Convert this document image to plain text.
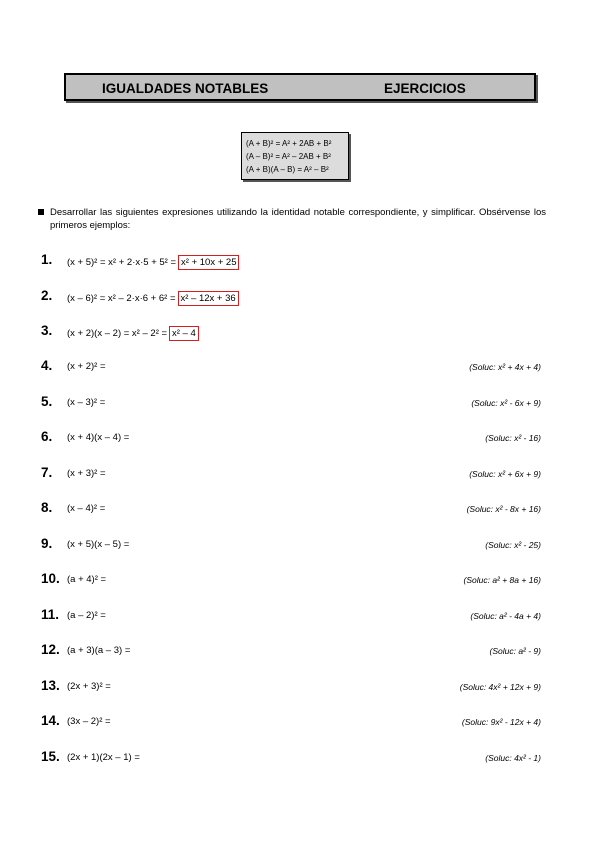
IGUALDADES NOTABLES	EJERCICIOS
(A + B)² = A² + 2AB + B²
(A – B)² = A² – 2AB + B²
(A + B)(A – B) = A² – B²
Desarrollar las siguientes expresiones utilizando la identidad notable correspondiente, y simplificar. Obsérvense los primeros ejemplos:
1. (x + 5)² = x² + 2·x·5 + 5² = x² + 10x + 25
2. (x – 6)² = x² – 2·x·6 + 6² = x² – 12x + 36
3. (x + 2)(x – 2) = x² – 2² = x² – 4
4. (x + 2)² =	(Soluc: x² + 4x + 4)
5. (x – 3)² =	(Soluc: x² - 6x + 9)
6. (x + 4)(x – 4) =	(Soluc: x² - 16)
7. (x + 3)² =	(Soluc: x² + 6x + 9)
8. (x – 4)² =	(Soluc: x² - 8x + 16)
9. (x + 5)(x – 5) =	(Soluc: x² - 25)
10. (a + 4)² =	(Soluc: a² + 8a + 16)
11. (a – 2)² =	(Soluc: a² - 4a + 4)
12. (a + 3)(a – 3) =	(Soluc: a² - 9)
13. (2x + 3)² =	(Soluc: 4x² + 12x + 9)
14. (3x – 2)² =	(Soluc: 9x² - 12x + 4)
15. (2x + 1)(2x – 1) =	(Soluc: 4x² - 1)
